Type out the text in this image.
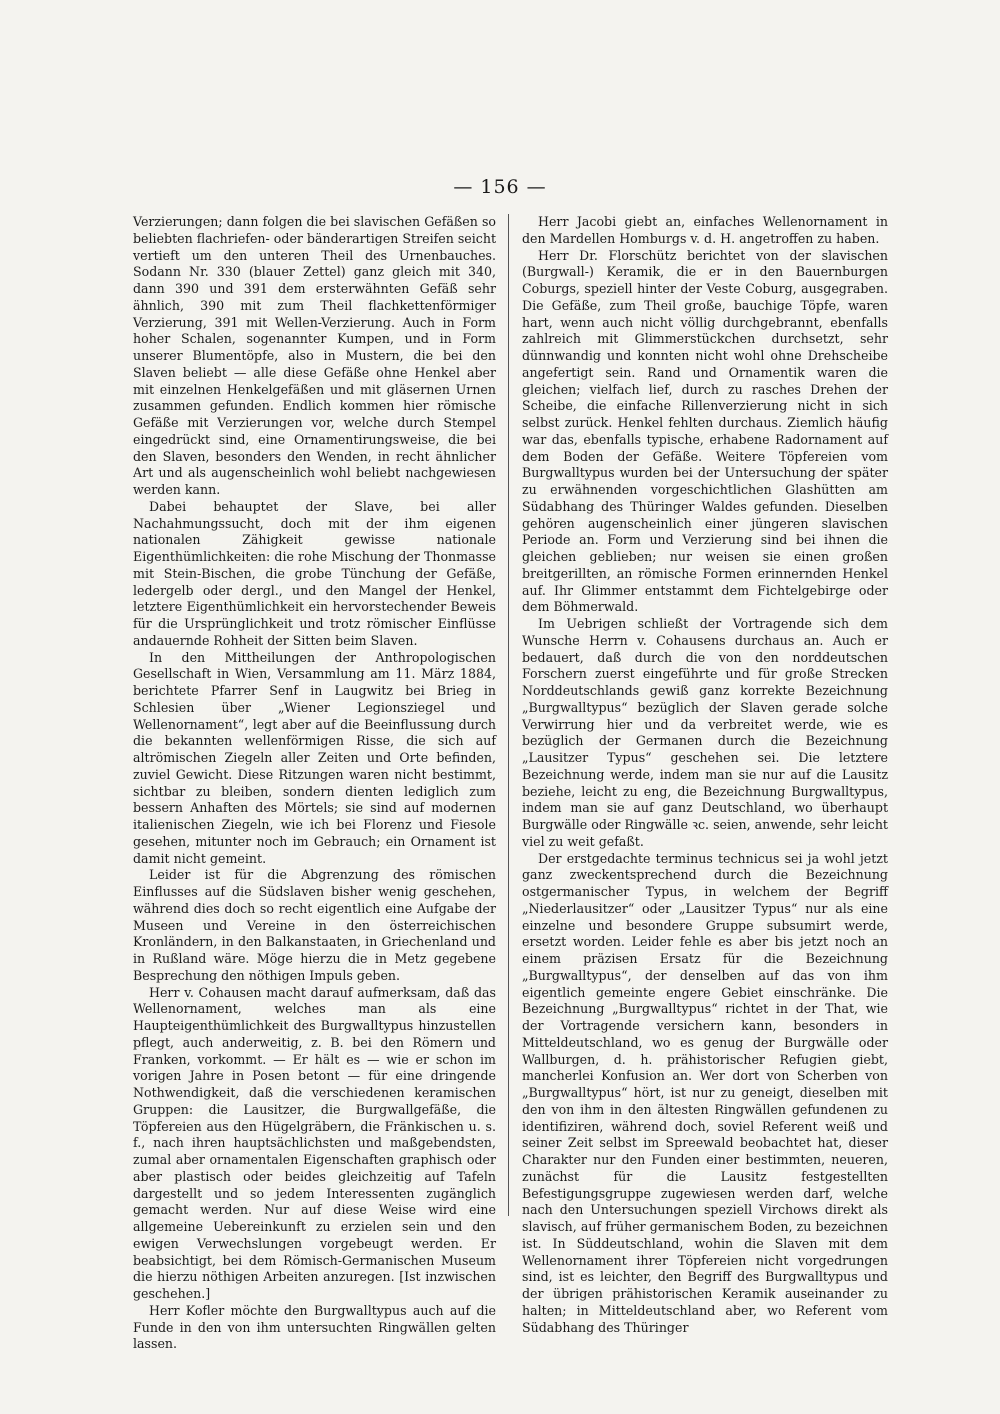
— 156 —

Verzierungen; dann folgen die bei slavischen Gefäßen so beliebten flachriefen- oder bänderartigen Streifen seicht vertieft um den unteren Theil des Urnenbauches. Sodann Nr. 330 (blauer Zettel) ganz gleich mit 340, dann 390 und 391 dem ersterwähnten Gefäß sehr ähnlich, 390 mit zum Theil flachkettenförmiger Verzierung, 391 mit Wellen-Verzierung. Auch in Form hoher Schalen, sogenannter Kumpen, und in Form unserer Blumentöpfe, also in Mustern, die bei den Slaven beliebt — alle diese Gefäße ohne Henkel aber mit einzelnen Henkelgefäßen und mit gläsernen Urnen zusammen gefunden. Endlich kommen hier römische Gefäße mit Verzierungen vor, welche durch Stempel eingedrückt sind, eine Ornamentirungsweise, die bei den Slaven, besonders den Wenden, in recht ähnlicher Art und als augenscheinlich wohl beliebt nachgewiesen werden kann.

Dabei behauptet der Slave, bei aller Nachahmungssucht, doch mit der ihm eigenen nationalen Zähigkeit gewisse nationale Eigenthümlichkeiten: die rohe Mischung der Thonmasse mit Stein-Bischen, die grobe Tünchung der Gefäße, ledergelb oder dergl., und den Mangel der Henkel, letztere Eigenthümlichkeit ein hervorstechender Beweis für die Ursprünglichkeit und trotz römischer Einflüsse andauernde Rohheit der Sitten beim Slaven.

In den Mittheilungen der Anthropologischen Gesellschaft in Wien, Versammlung am 11. März 1884, berichtete Pfarrer Senf in Laugwitz bei Brieg in Schlesien über „Wiener Legionsziegel und Wellenornament“, legt aber auf die Beeinflussung durch die bekannten wellenförmigen Risse, die sich auf altrömischen Ziegeln aller Zeiten und Orte befinden, zuviel Gewicht. Diese Ritzungen waren nicht bestimmt, sichtbar zu bleiben, sondern dienten lediglich zum bessern Anhaften des Mörtels; sie sind auf modernen italienischen Ziegeln, wie ich bei Florenz und Fiesole gesehen, mitunter noch im Gebrauch; ein Ornament ist damit nicht gemeint.

Leider ist für die Abgrenzung des römischen Einflusses auf die Südslaven bisher wenig geschehen, während dies doch so recht eigentlich eine Aufgabe der Museen und Vereine in den österreichischen Kronländern, in den Balkanstaaten, in Griechenland und in Rußland wäre. Möge hierzu die in Metz gegebene Besprechung den nöthigen Impuls geben.

Herr v. Cohausen macht darauf aufmerksam, daß das Wellenornament, welches man als eine Haupteigenthümlichkeit des Burgwalltypus hinzustellen pflegt, auch anderweitig, z. B. bei den Römern und Franken, vorkommt. — Er hält es — wie er schon im vorigen Jahre in Posen betont — für eine dringende Nothwendigkeit, daß die verschiedenen keramischen Gruppen: die Lausitzer, die Burgwallgefäße, die Töpfereien aus den Hügelgräbern, die Fränkischen u. s. f., nach ihren hauptsächlichsten und maßgebendsten, zumal aber ornamentalen Eigenschaften graphisch oder aber plastisch oder beides gleichzeitig auf Tafeln dargestellt und so jedem Interessenten zugänglich gemacht werden. Nur auf diese Weise wird eine allgemeine Uebereinkunft zu erzielen sein und den ewigen Verwechslungen vorgebeugt werden. Er beabsichtigt, bei dem Römisch-Germanischen Museum die hierzu nöthigen Arbeiten anzuregen. [Ist inzwischen geschehen.]

Herr Kofler möchte den Burgwalltypus auch auf die Funde in den von ihm untersuchten Ringwällen gelten lassen.

Herr Jacobi giebt an, einfaches Wellenornament in den Mardellen Homburgs v. d. H. angetroffen zu haben.

Herr Dr. Florschütz berichtet von der slavischen (Burgwall-) Keramik, die er in den Bauernburgen Coburgs, speziell hinter der Veste Coburg, ausgegraben. Die Gefäße, zum Theil große, bauchige Töpfe, waren hart, wenn auch nicht völlig durchgebrannt, ebenfalls zahlreich mit Glimmerstückchen durchsetzt, sehr dünnwandig und konnten nicht wohl ohne Drehscheibe angefertigt sein. Rand und Ornamentik waren die gleichen; vielfach lief, durch zu rasches Drehen der Scheibe, die einfache Rillenverzierung nicht in sich selbst zurück. Henkel fehlten durchaus. Ziemlich häufig war das, ebenfalls typische, erhabene Radornament auf dem Boden der Gefäße. Weitere Töpfereien vom Burgwalltypus wurden bei der Untersuchung der später zu erwähnenden vorgeschichtlichen Glashütten am Südabhang des Thüringer Waldes gefunden. Dieselben gehören augenscheinlich einer jüngeren slavischen Periode an. Form und Verzierung sind bei ihnen die gleichen geblieben; nur weisen sie einen großen breitgerillten, an römische Formen erinnernden Henkel auf. Ihr Glimmer entstammt dem Fichtelgebirge oder dem Böhmerwald.

Im Uebrigen schließt der Vortragende sich dem Wunsche Herrn v. Cohausens durchaus an. Auch er bedauert, daß durch die von den norddeutschen Forschern zuerst eingeführte und für große Strecken Norddeutschlands gewiß ganz korrekte Bezeichnung „Burgwalltypus“ bezüglich der Slaven gerade solche Verwirrung hier und da verbreitet werde, wie es bezüglich der Germanen durch die Bezeichnung „Lausitzer Typus“ geschehen sei. Die letztere Bezeichnung werde, indem man sie nur auf die Lausitz beziehe, leicht zu eng, die Bezeichnung Burgwalltypus, indem man sie auf ganz Deutschland, wo überhaupt Burgwälle oder Ringwälle ꝛc. seien, anwende, sehr leicht viel zu weit gefaßt.

Der erstgedachte terminus technicus sei ja wohl jetzt ganz zweckentsprechend durch die Bezeichnung ostgermanischer Typus, in welchem der Begriff „Niederlausitzer“ oder „Lausitzer Typus“ nur als eine einzelne und besondere Gruppe subsumirt werde, ersetzt worden. Leider fehle es aber bis jetzt noch an einem präzisen Ersatz für die Bezeichnung „Burgwalltypus“, der denselben auf das von ihm eigentlich gemeinte engere Gebiet einschränke. Die Bezeichnung „Burgwalltypus“ richtet in der That, wie der Vortragende versichern kann, besonders in Mitteldeutschland, wo es genug der Burgwälle oder Wallburgen, d. h. prähistorischer Refugien giebt, mancherlei Konfusion an. Wer dort von Scherben von „Burgwalltypus“ hört, ist nur zu geneigt, dieselben mit den von ihm in den ältesten Ringwällen gefundenen zu identifiziren, während doch, soviel Referent weiß und seiner Zeit selbst im Spreewald beobachtet hat, dieser Charakter nur den Funden einer bestimmten, neueren, zunächst für die Lausitz festgestellten Befestigungsgruppe zugewiesen werden darf, welche nach den Untersuchungen speziell Virchows direkt als slavisch, auf früher germanischem Boden, zu bezeichnen ist. In Süddeutschland, wohin die Slaven mit dem Wellenornament ihrer Töpfereien nicht vorgedrungen sind, ist es leichter, den Begriff des Burgwalltypus und der übrigen prähistorischen Keramik auseinander zu halten; in Mitteldeutschland aber, wo Referent vom Südabhang des Thüringer
